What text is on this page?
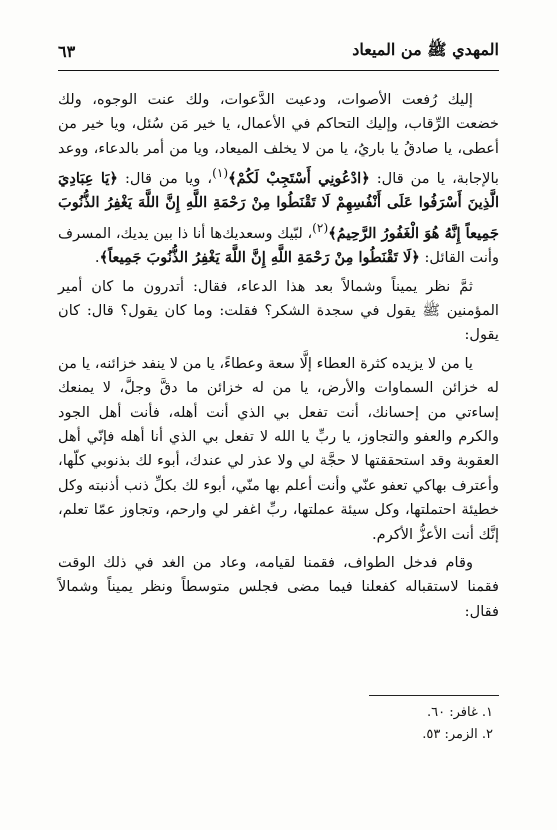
المهدي ﷺ من الميعاد
٦٣

إليك رُفعت الأصوات، ودعيت الدَّعوات، ولك عنت الوجوه، ولك خضعت الرِّقاب، وإليك التحاكم في الأعمال، يا خير مَن سُئل، ويا خير من أعطى، يا صادقُ يا باريُ، يا من لا يخلف الميعاد، ويا من أمر بالدعاء، ووعد بالإجابة، يا من قال: ﴿ادْعُونِي أَسْتَجِبْ لَكُمْ﴾$^{(١)}$، ويا من قال: ﴿يَا عِبَادِيَ الَّذِينَ أَسْرَفُوا عَلَى أَنْفُسِهِمْ لَا تَقْنَطُوا مِنْ رَحْمَةِ اللَّهِ إِنَّ اللَّهَ يَغْفِرُ الذُّنُوبَ جَمِيعاً إِنَّهُ هُوَ الْغَفُورُ الرَّحِيمُ﴾$^{(٢)}$، لبّيك وسعديك‌ها أنا ذا بين يديك، المسرف وأنت القائل: ﴿لَا تَقْنَطُوا مِنْ رَحْمَةِ اللَّهِ إِنَّ اللَّهَ يَغْفِرُ الذُّنُوبَ جَمِيعاً﴾.

ثمَّ نظر يميناً وشمالاً بعد هذا الدعاء، فقال: أتدرون ما كان أمير المؤمنين ﷺ يقول في سجدة الشكر؟ فقلت: وما كان يقول؟ قال: كان يقول:

يا من لا يزيده كثرة العطاء إلَّا سعة وعطاءً، يا من لا ينفد خزائنه، يا من له خزائن السماوات والأرض، يا من له خزائن ما دقَّ وجلَّ، لا يمنعك إساءتي من إحسانك، أنت تفعل بي الذي أنت أهله، فأنت أهل الجود والكرم والعفو والتجاوز، يا ربِّ يا الله لا تفعل بي الذي أنا أهله فإنّي أهل العقوبة وقد استحققتها لا حجَّة لي ولا عذر لي عندك، أبوء لك بذنوبي كلّها، وأعترف بهاكي تعفو عنّي وأنت أعلم بها منّي، أبوء لك بكلِّ ذنب أذنبته وكل خطيئة احتملتها، وكل سيئة عملتها، ربِّ اغفر لي وارحم، وتجاوز عمّا تعلم، إنَّك أنت الأعزُّ الأكرم.

وقام فدخل الطواف، فقمنا لقيامه، وعاد من الغد في ذلك الوقت فقمنا لاستقباله كفعلنا فيما مضى فجلس متوسطاً ونظر يميناً وشمالاً فقال:

١. غافر: ٦٠.
٢. الزمر: ٥٣.
